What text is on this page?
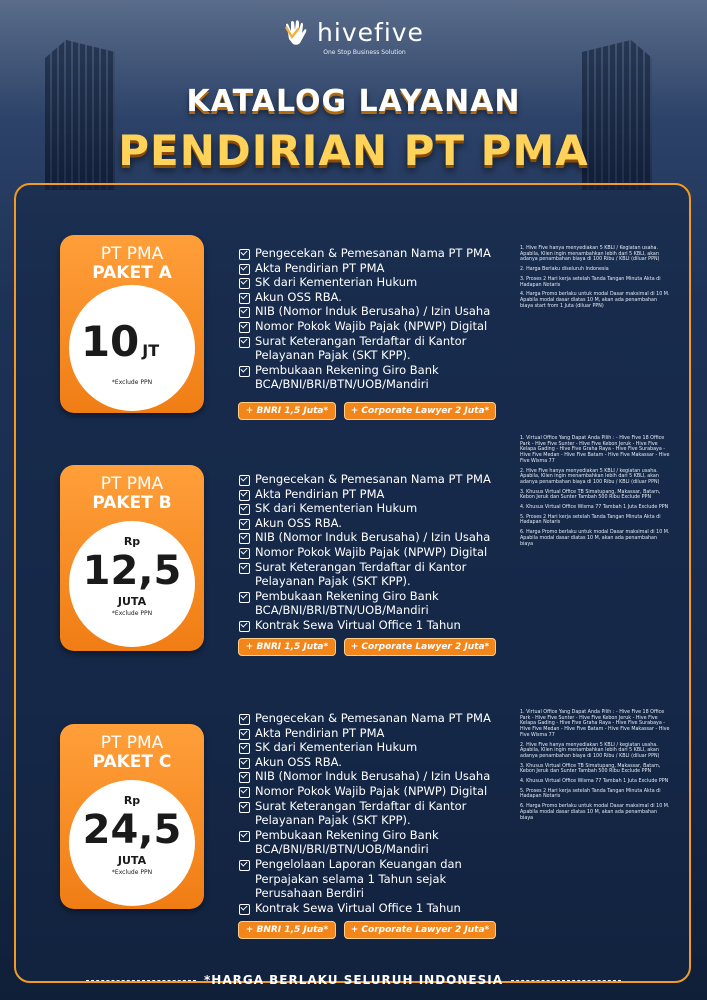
hivefive
One Stop Business Solution
KATALOG LAYANAN
PENDIRIAN PT PMA
PT PMA
PAKET A
10 JT
*Exclude PPN
Pengecekan & Pemesanan Nama PT PMA
Akta Pendirian PT PMA
SK dari Kementerian Hukum
Akun OSS RBA.
NIB (Nomor Induk Berusaha) / Izin Usaha
Nomor Pokok Wajib Pajak (NPWP) Digital
Surat Keterangan Terdaftar di Kantor Pelayanan Pajak (SKT KPP).
Pembukaan Rekening Giro Bank BCA/BNI/BRI/BTN/UOB/Mandiri
+ BNRI 1,5 Juta*	+ Corporate Lawyer 2 Juta*

1. Hive Five hanya menyediakan 5 KBLI / Kegiatan usaha. Apabila, Klien ingin menambahkan lebih dari 5 KBLI, akan adanya penambahan biaya di 100 Ribu / KBLI (diluar PPN)

2. Harga Berlaku diseluruh Indonesia

3. Proses 2 Hari kerja setelah Tanda Tangan Minuta Akta di Hadapan Notaris

4. Harga Promo berlaku untuk modal Dasar maksimal di 10 M. Apabila modal dasar diatas 10 M, akan ada penambahan biaya start from 1 Juta (diluar PPN)

PT PMA
PAKET B
Rp
12,5
JUTA
*Exclude PPN
Pengecekan & Pemesanan Nama PT PMA
Akta Pendirian PT PMA
SK dari Kementerian Hukum
Akun OSS RBA.
NIB (Nomor Induk Berusaha) / Izin Usaha
Nomor Pokok Wajib Pajak (NPWP) Digital
Surat Keterangan Terdaftar di Kantor Pelayanan Pajak (SKT KPP).
Pembukaan Rekening Giro Bank BCA/BNI/BRI/BTN/UOB/Mandiri
Kontrak Sewa Virtual Office 1 Tahun
+ BNRI 1,5 Juta*	+ Corporate Lawyer 2 Juta*

1. Virtual Office Yang Dapat Anda Pilih : - Hive Five 18 Office Park - Hive Five Sunter - Hive Five Kebon Jeruk - Hive Five Kelapa Gading - Hive Five Graha Raya - Hive Five Surabaya - Hive Five Medan - Hive Five Batam - Hive Five Makassar - Hive Five Wisma 77

2. Hive Five hanya menyediakan 5 KBLI / kegiatan usaha. Apabila, Klien ingin menambahkan lebih dari 5 KBLI, akan adanya penambahan biaya di 100 Ribu / KBLI (diluar PPN)

3. Khusus Virtual Office TB Simatupang, Makassar, Batam, Kebon Jeruk dan Sunter Tambah 500 Ribu Exclude PPN

4. Khusus Virtual Office Wisma 77 Tambah 1 Juta Exclude PPN

5. Proses 2 Hari kerja setelah Tanda Tangan Minuta Akta di Hadapan Notaris

6. Harga Promo berlaku untuk modal Dasar maksimal di 10 M. Apabila modal dasar diatas 10 M, akan ada penambahan biaya

PT PMA
PAKET C
Rp
24,5
JUTA
*Exclude PPN
Pengecekan & Pemesanan Nama PT PMA
Akta Pendirian PT PMA
SK dari Kementerian Hukum
Akun OSS RBA.
NIB (Nomor Induk Berusaha) / Izin Usaha
Nomor Pokok Wajib Pajak (NPWP) Digital
Surat Keterangan Terdaftar di Kantor Pelayanan Pajak (SKT KPP).
Pembukaan Rekening Giro Bank BCA/BNI/BRI/BTN/UOB/Mandiri
Pengelolaan Laporan Keuangan dan Perpajakan selama 1 Tahun sejak Perusahaan Berdiri
Kontrak Sewa Virtual Office 1 Tahun
+ BNRI 1,5 Juta*	+ Corporate Lawyer 2 Juta*

1. Virtual Office Yang Dapat Anda Pilih : - Hive Five 18 Office Park - Hive Five Sunter - Hive Five Kebon Jeruk - Hive Five Kelapa Gading - Hive Five Graha Raya - Hive Five Surabaya - Hive Five Medan - Hive Five Batam - Hive Five Makassar - Hive Five Wisma 77

2. Hive Five hanya menyediakan 5 KBLI / kegiatan usaha. Apabila, Klien ingin menambahkan lebih dari 5 KBLI, akan adanya penambahan biaya di 100 Ribu / KBLI (diluar PPN)

3. Khusus Virtual Office TB Simatupang, Makassar, Batam, Kebon Jeruk dan Sunter Tambah 500 Ribu Exclude PPN

4. Khusus Virtual Office Wisma 77 Tambah 1 Juta Exclude PPN

5. Proses 2 Hari kerja setelah Tanda Tangan Minuta Akta di Hadapan Notaris

6. Harga Promo berlaku untuk modal Dasar maksimal di 10 M. Apabila modal dasar diatas 10 M, akan ada penambahan biaya

*HARGA BERLAKU SELURUH INDONESIA
